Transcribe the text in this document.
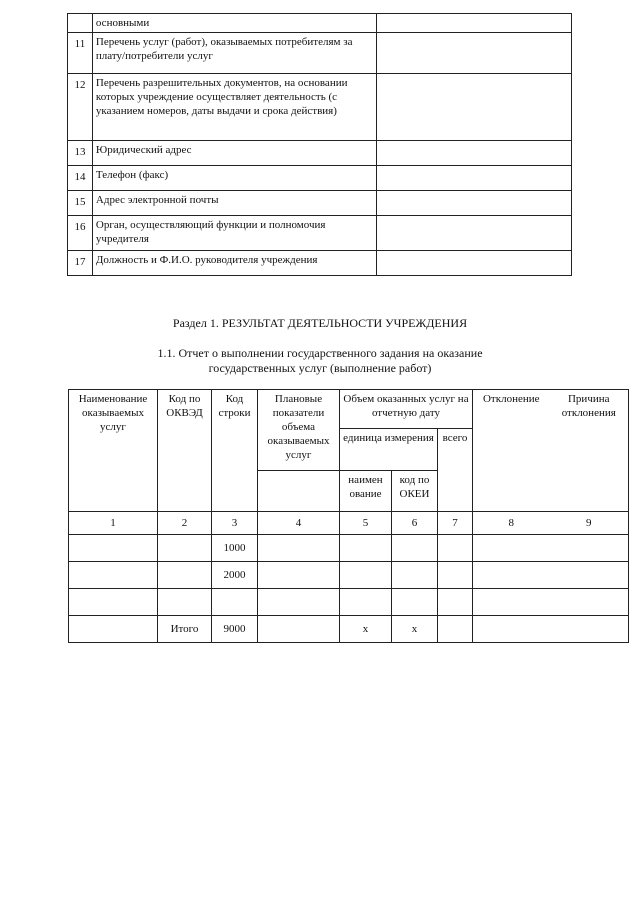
	основными	
11	Перечень услуг (работ), оказываемых потребителям за плату/потребители услуг	
12	Перечень разрешительных документов, на основании которых учреждение осуществляет деятельность (с указанием номеров, даты выдачи и срока действия)	
13	Юридический адрес	
14	Телефон (факс)	
15	Адрес электронной почты	
16	Орган, осуществляющий функции и полномочия учредителя	
17	Должность и Ф.И.О. руководителя учреждения	
Раздел 1. РЕЗУЛЬТАТ ДЕЯТЕЛЬНОСТИ УЧРЕЖДЕНИЯ
1.1. Отчет о выполнении государственного задания на оказание
государственных услуг (выполнение работ)
Наименование оказываемых услуг	Код по ОКВЭД	Код строки	Плановые показатели объема оказываемых услуг	Объем оказанных услуг на отчетную дату			Отклонение	Причина отклонения
				единица измерения		всего		
				наимен ование	код по ОКЕИ			
1	2	3	4	5	6	7	8	9
		1000						
		2000						

	Итого	9000		х	х			
